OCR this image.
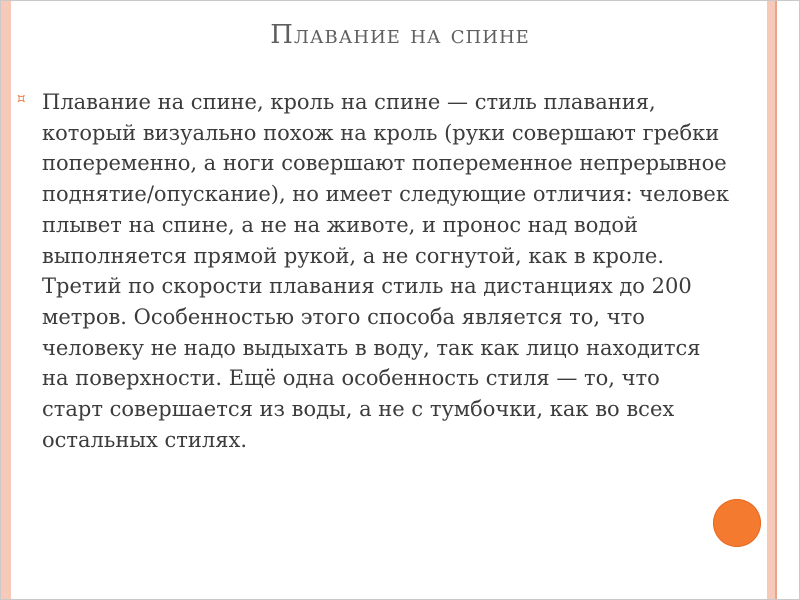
Плавание на спине
⯏ Плавание на спине, кроль на спине — стиль плавания,
который визуально похож на кроль (руки совершают гребки
попеременно, а ноги совершают попеременное непрерывное
поднятие/опускание), но имеет следующие отличия: человек
плывет на спине, а не на животе, и пронос над водой
выполняется прямой рукой, а не согнутой, как в кроле.
Третий по скорости плавания стиль на дистанциях до 200
метров. Особенностью этого способа является то, что
человеку не надо выдыхать в воду, так как лицо находится
на поверхности. Ещё одна особенность стиля — то, что
старт совершается из воды, а не с тумбочки, как во всех
остальных стилях.
